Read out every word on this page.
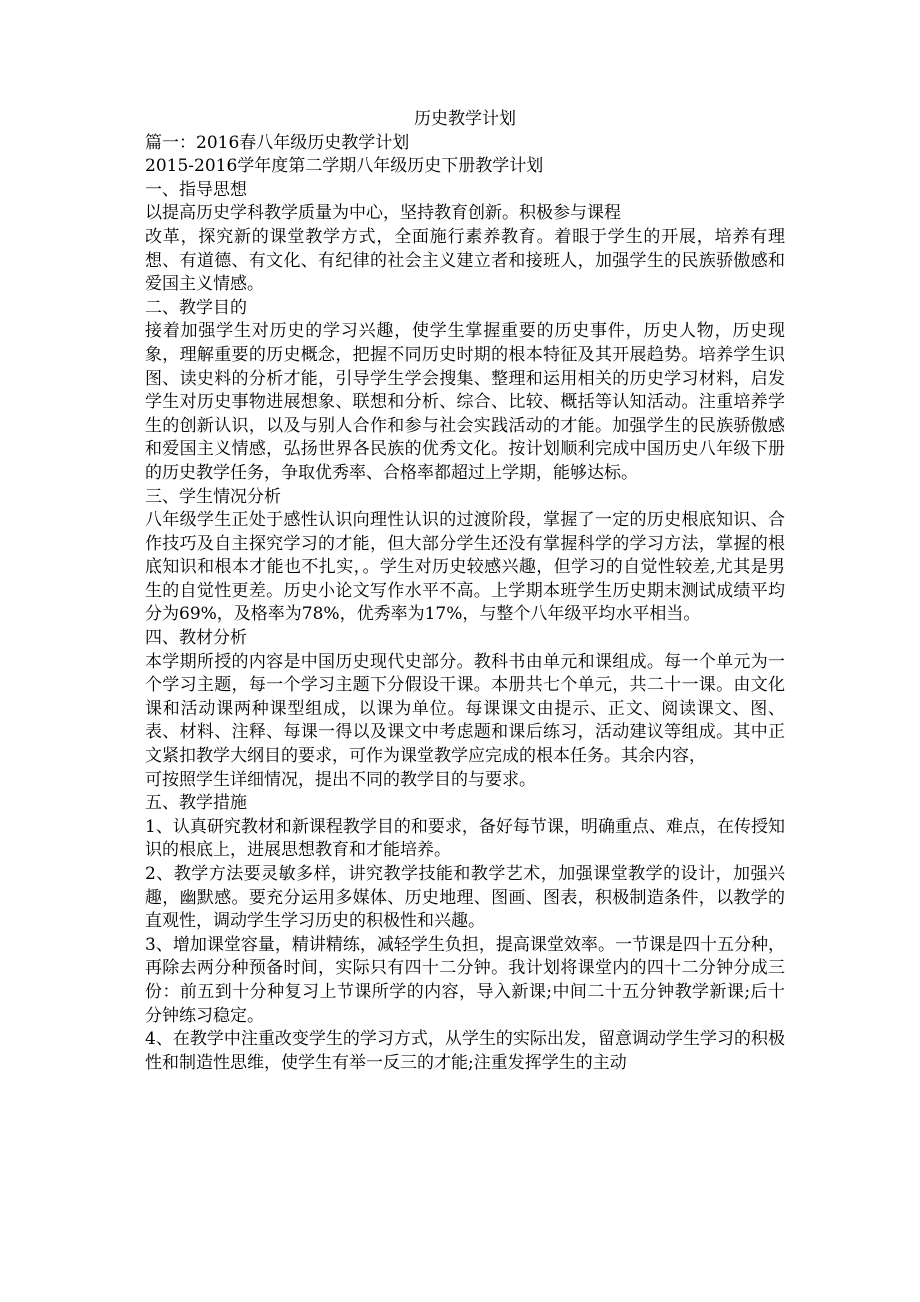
历史教学计划

篇一：2016春八年级历史教学计划

2015-2016学年度第二学期八年级历史下册教学计划

一、指导思想

以提高历史学科教学质量为中心，坚持教育创新。积极参与课程

改革，探究新的课堂教学方式，全面施行素养教育。着眼于学生的开展，培养有理想、有道德、有文化、有纪律的社会主义建立者和接班人，加强学生的民族骄傲感和爱国主义情感。

二、教学目的

接着加强学生对历史的学习兴趣，使学生掌握重要的历史事件，历史人物，历史现象，理解重要的历史概念，把握不同历史时期的根本特征及其开展趋势。培养学生识图、读史料的分析才能，引导学生学会搜集、整理和运用相关的历史学习材料，启发学生对历史事物进展想象、联想和分析、综合、比较、概括等认知活动。注重培养学生的创新认识，以及与别人合作和参与社会实践活动的才能。加强学生的民族骄傲感和爱国主义情感，弘扬世界各民族的优秀文化。按计划顺利完成中国历史八年级下册的历史教学任务，争取优秀率、合格率都超过上学期，能够达标。

三、学生情况分析

八年级学生正处于感性认识向理性认识的过渡阶段，掌握了一定的历史根底知识、合作技巧及自主探究学习的才能，但大部分学生还没有掌握科学的学习方法，掌握的根底知识和根本才能也不扎实，。学生对历史较感兴趣，但学习的自觉性较差,尤其是男生的自觉性更差。历史小论文写作水平不高。上学期本班学生历史期末测试成绩平均分为69%，及格率为78%，优秀率为17%，与整个八年级平均水平相当。

四、教材分析

本学期所授的内容是中国历史现代史部分。教科书由单元和课组成。每一个单元为一个学习主题，每一个学习主题下分假设干课。本册共七个单元，共二十一课。由文化课和活动课两种课型组成，以课为单位。每课课文由提示、正文、阅读课文、图、表、材料、注释、每课一得以及课文中考虑题和课后练习，活动建议等组成。其中正文紧扣教学大纲目的要求，可作为课堂教学应完成的根本任务。其余内容，

可按照学生详细情况，提出不同的教学目的与要求。

五、教学措施

1、认真研究教材和新课程教学目的和要求，备好每节课，明确重点、难点，在传授知识的根底上，进展思想教育和才能培养。

2、教学方法要灵敏多样，讲究教学技能和教学艺术，加强课堂教学的设计，加强兴趣，幽默感。要充分运用多媒体、历史地理、图画、图表，积极制造条件，以教学的直观性，调动学生学习历史的积极性和兴趣。

3、增加课堂容量，精讲精练，减轻学生负担，提高课堂效率。一节课是四十五分种，再除去两分种预备时间，实际只有四十二分钟。我计划将课堂内的四十二分钟分成三份：前五到十分种复习上节课所学的内容，导入新课;中间二十五分钟教学新课;后十分钟练习稳定。

4、在教学中注重改变学生的学习方式，从学生的实际出发，留意调动学生学习的积极性和制造性思维，使学生有举一反三的才能;注重发挥学生的主动
